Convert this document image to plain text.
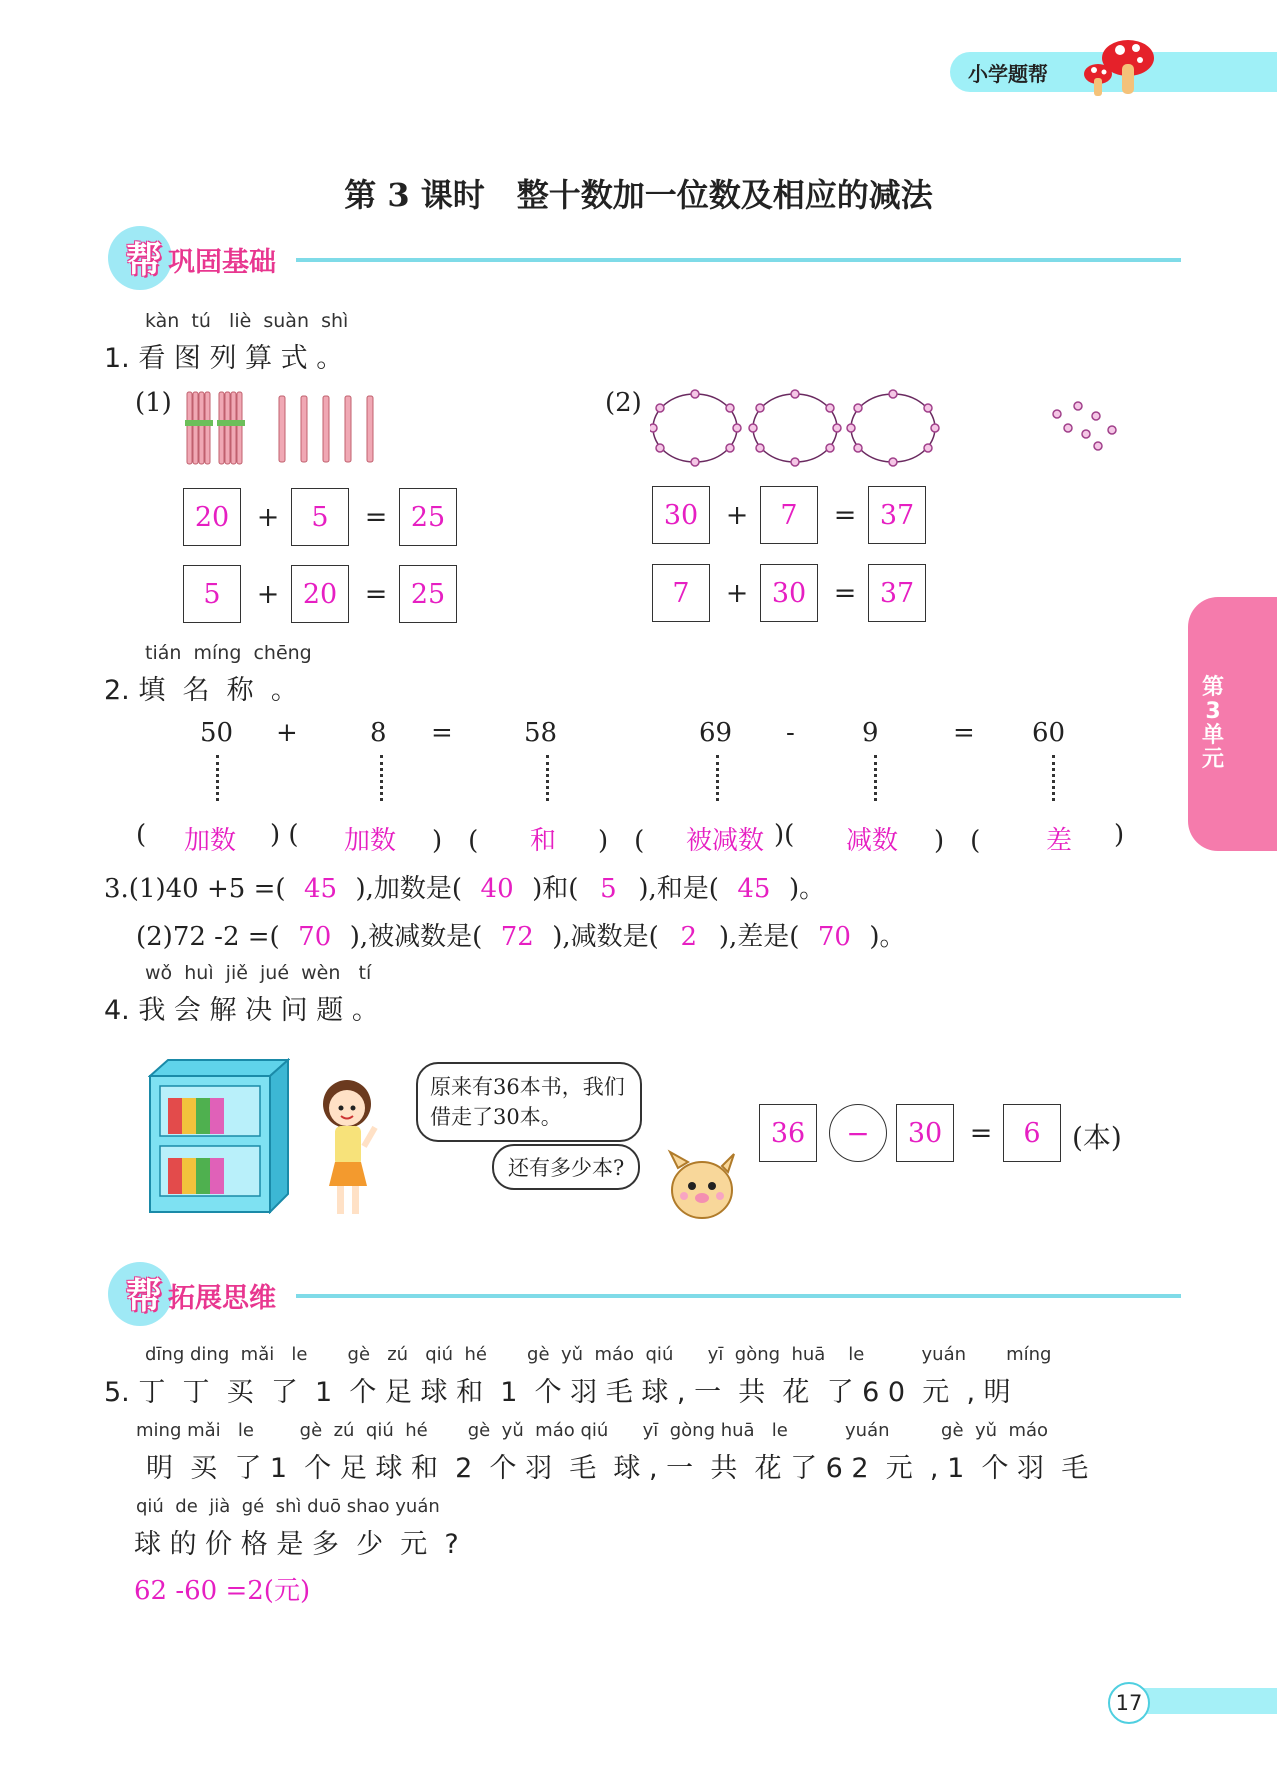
小学题帮
第 3 课时　整十数加一位数及相应的减法
帮 巩固基础
kàn  tú   liè  suàn  shì
1. 看 图 列 算 式 。
(1)	(2)
20	+	5	= 25
5	+ 20	= 25
30	+	7	= 37
7	+ 30	= 37
tián  míng  chēng
2. 填  名  称  。
50 +	8 =	58	69 -	9	= 60
( 加数 ) ( 加数 )　( 和 )　( 被减数 )( 减数 )　(	差 )
3.(1)40 +5 =( 45 ),加数是( 40 )和( 5 ),和是( 45 )。
(2)72 -2 =( 70 ),被减数是( 72 ),减数是( 2 ),差是( 70 )。
wǒ  huì  jiě  jué  wèn   tí
4. 我 会 解 决 问 题 。
原来有36本书，我们借走了30本。
还有多少本?
36	−	30	=	6	(本)
帮 拓展思维
dīng ding  mǎi   le       gè   zú   qiú  hé       gè  yǔ  máo  qiú      yī  gòng  huā    le          yuán       míng
5. 丁  丁  买  了  1  个 足 球 和  1  个 羽 毛 球 , 一  共  花  了 6 0  元  , 明
ming mǎi   le        gè  zú  qiú  hé       gè  yǔ  máo qiú      yī  gòng huā   le          yuán         gè  yǔ  máo
明  买  了 1  个 足 球 和  2  个 羽  毛  球 , 一  共  花 了 6 2  元  , 1  个 羽  毛
qiú  de  jià  gé  shì duō shao yuán
球 的 价 格 是 多  少  元  ?
62 -60 =2(元)
第3单元
17
